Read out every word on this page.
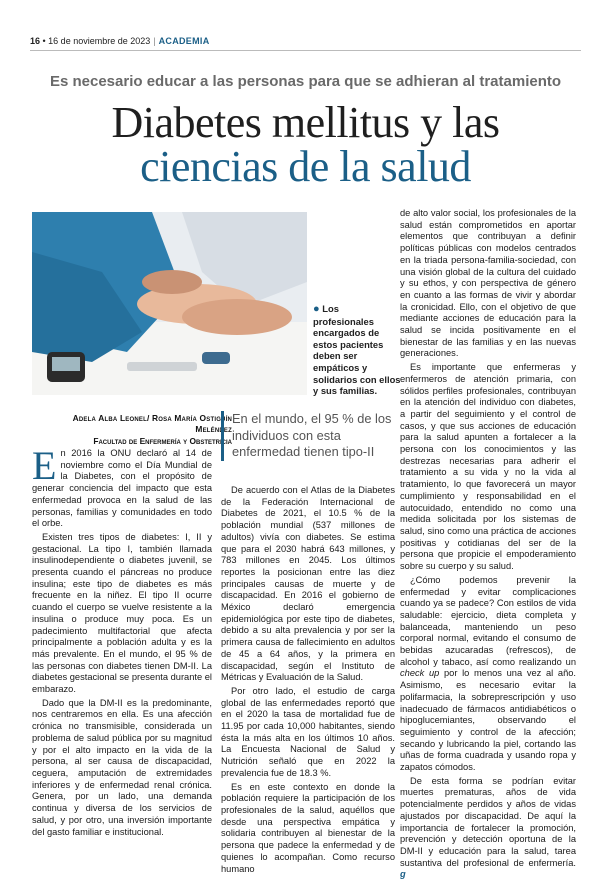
16 • 16 de noviembre de 2023 | ACADEMIA
Es necesario educar a las personas para que se adhieran al tratamiento
Diabetes mellitus y las
ciencias de la salud
● Los profesionales encargados de estos pacientes deben ser empáticos y solidarios con ellos y sus familias.
Adela Alba Leonel/ Rosa María Ostiguín Meléndez
Facultad de Enfermería y Obstetricia
En el mundo, el 95 % de los individuos con esta enfermedad tienen tipo-II

En 2016 la ONU declaró al 14 de noviembre como el Día Mundial de la Diabetes, con el propósito de generar conciencia del impacto que esta enfermedad provoca en la salud de las personas, familias y comunidades en todo el orbe.

Existen tres tipos de diabetes: I, II y gestacional. La tipo I, también llamada insulinodependiente o diabetes juvenil, se presenta cuando el páncreas no produce insulina; este tipo de diabetes es más frecuente en la niñez. El tipo II ocurre cuando el cuerpo se vuelve resistente a la insulina o produce muy poca. Es un padecimiento multifactorial que afecta principalmente a población adulta y es la más prevalente. En el mundo, el 95 % de las personas con diabetes tienen DM-II. La diabetes gestacional se presenta durante el embarazo.

Dado que la DM-II es la predominante, nos centraremos en ella. Es una afección crónica no transmisible, considerada un problema de salud pública por su magnitud y por el alto impacto en la vida de la persona, al ser causa de discapacidad, ceguera, amputación de extremidades inferiores y de enfermedad renal crónica. Genera, por un lado, una demanda continua y diversa de los servicios de salud, y por otro, una inversión importante del gasto familiar e institucional.

De acuerdo con el Atlas de la Diabetes de la Federación Internacional de Diabetes de 2021, el 10.5 % de la población mundial (537 millones de adultos) vivía con diabetes. Se estima que para el 2030 habrá 643 millones, y 783 millones en 2045. Los últimos reportes la posicionan entre las diez principales causas de muerte y de discapacidad. En 2016 el gobierno de México declaró emergencia epidemiológica por este tipo de diabetes, debido a su alta prevalencia y por ser la primera causa de fallecimiento en adultos de 45 a 64 años, y la primera en discapacidad, según el Instituto de Métricas y Evaluación de la Salud.

Por otro lado, el estudio de carga global de las enfermedades reportó que en el 2020 la tasa de mortalidad fue de 11.95 por cada 10,000 habitantes, siendo ésta la más alta en los últimos 10 años. La Encuesta Nacional de Salud y Nutrición señaló que en 2022 la prevalencia fue de 18.3 %.

Es en este contexto en donde la población requiere la participación de los profesionales de la salud, aquéllos que desde una perspectiva empática y solidaria contribuyen al bienestar de la persona que padece la enfermedad y de quienes lo acompañan. Como recurso humano

de alto valor social, los profesionales de la salud están comprometidos en aportar elementos que contribuyan a definir políticas públicas con modelos centrados en la triada persona-familia-sociedad, con una visión global de la cultura del cuidado y su ethos, y con perspectiva de género en cuanto a las formas de vivir y abordar la cronicidad. Ello, con el objetivo de que mediante acciones de educación para la salud se incida positivamente en el bienestar de las familias y en las nuevas generaciones.

Es importante que enfermeras y enfermeros de atención primaria, con sólidos perfiles profesionales, contribuyan en la atención del individuo con diabetes, a partir del seguimiento y el control de casos, y que sus acciones de educación para la salud apunten a fortalecer a la persona con los conocimientos y las destrezas necesarias para adherir el tratamiento a su vida y no la vida al tratamiento, lo que favorecerá un mayor cumplimiento y responsabilidad en el autocuidado, entendido no como una medida solicitada por los sistemas de salud, sino como una práctica de acciones positivas y cotidianas del ser de la persona que propicie el empoderamiento sobre su cuerpo y su salud.

¿Cómo podemos prevenir la enfermedad y evitar complicaciones cuando ya se padece? Con estilos de vida saludable: ejercicio, dieta completa y balanceada, manteniendo un peso corporal normal, evitando el consumo de bebidas azucaradas (refrescos), de alcohol y tabaco, así como realizando un check up por lo menos una vez al año. Asimismo, es necesario evitar la polifarmacia, la sobreprescripción y uso inadecuado de fármacos antidiabéticos o hipoglucemiantes, observando el seguimiento y control de la afección; secando y lubricando la piel, cortando las uñas de forma cuadrada y usando ropa y zapatos cómodos.

De esta forma se podrían evitar muertes prematuras, años de vida potencialmente perdidos y años de vidas ajustados por discapacidad. De aquí la importancia de fortalecer la promoción, prevención y detección oportuna de la DM-II y educación para la salud, tarea sustantiva del profesional de enfermería. g
